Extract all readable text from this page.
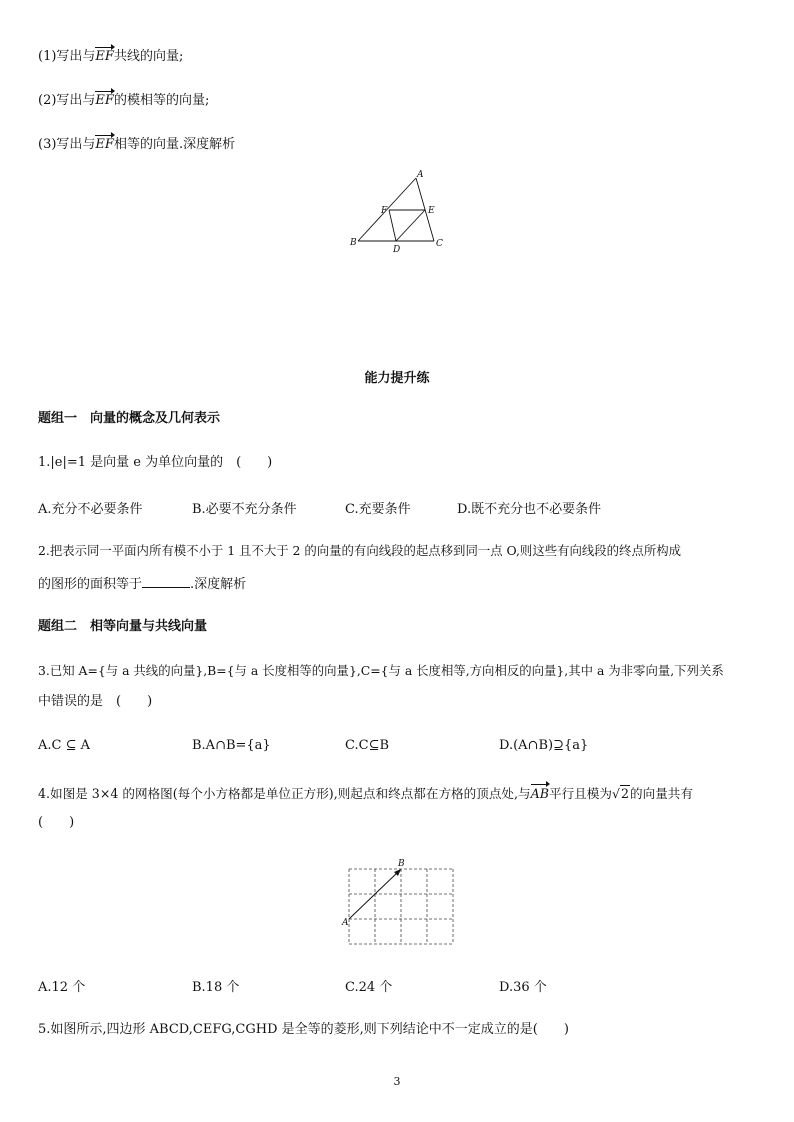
(1)写出与EF共线的向量;
(2)写出与EF的模相等的向量;
(3)写出与EF相等的向量.深度解析
A
B	C
D
E
F
能力提升练
题组一　向量的概念及几何表示
1.|e|=1 是向量 e 为单位向量的　(　　)
A.充分不必要条件	B.必要不充分条件	C.充要条件	D.既不充分也不必要条件
2.把表示同一平面内所有模不小于 1 且不大于 2 的向量的有向线段的起点移到同一点 O,则这些有向线段的终点所构成
的图形的面积等于	.深度解析
题组二　相等向量与共线向量
3.已知 A={与 a 共线的向量},B={与 a 长度相等的向量},C={与 a 长度相等,方向相反的向量},其中 a 为非零向量,下列关系
中错误的是　(　　)
A.C ⊆ A	B.A∩B={a}	C.C⊆B	D.(A∩B)⊇{a}
4.如图是 3×4 的网格图(每个小方格都是单位正方形),则起点和终点都在方格的顶点处,与AB平行且模为√2的向量共有
(　　)
A
B
A.12 个	B.18 个	C.24 个	D.36 个
5.如图所示,四边形 ABCD,CEFG,CGHD 是全等的菱形,则下列结论中不一定成立的是(　　)
3
